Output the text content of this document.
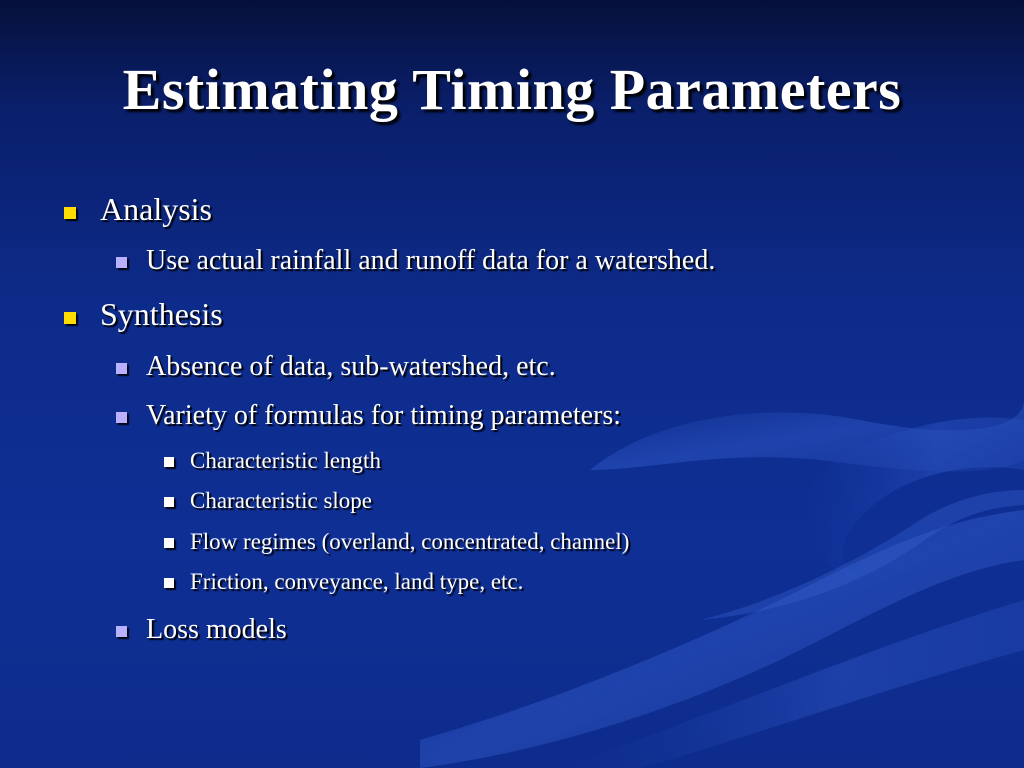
Estimating Timing Parameters
Analysis
Use actual rainfall and runoff data for a watershed.
Synthesis
Absence of data, sub-watershed, etc.
Variety of formulas for timing parameters:
Characteristic length
Characteristic slope
Flow regimes (overland, concentrated, channel)
Friction, conveyance, land type, etc.
Loss models
